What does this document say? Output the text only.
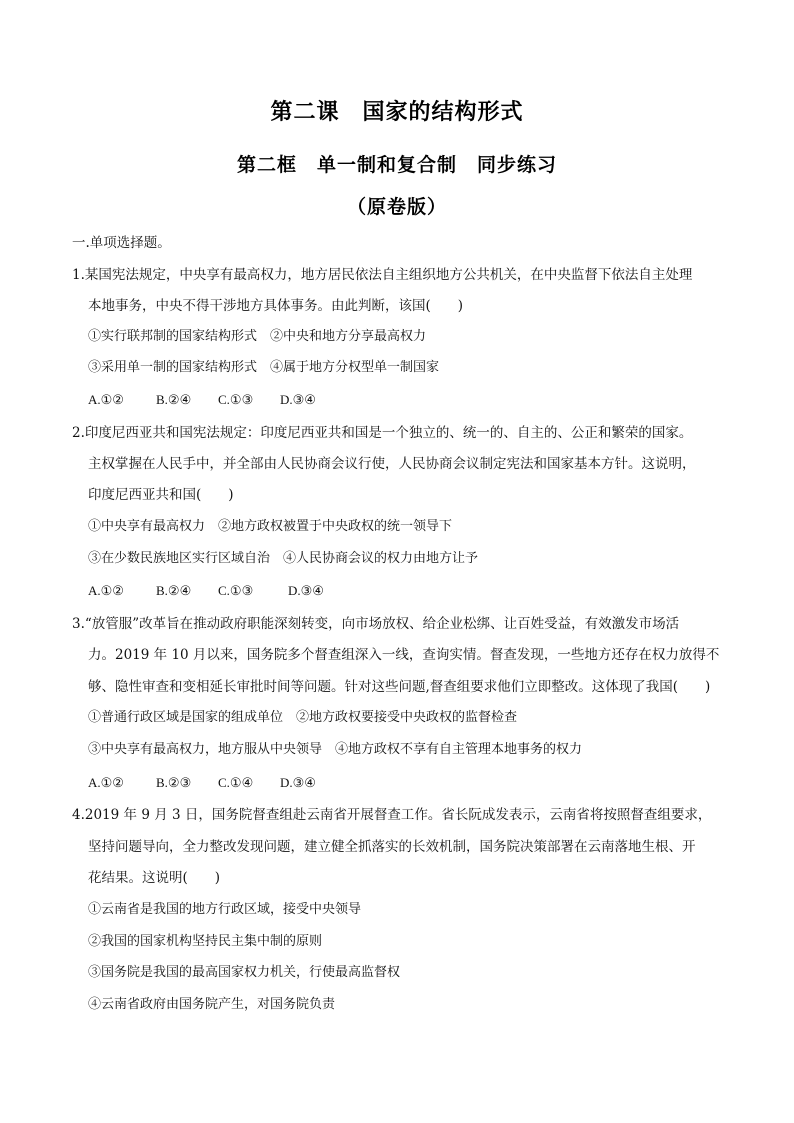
第二课　国家的结构形式
第二框　单一制和复合制　同步练习
（原卷版）
一.单项选择题。
1.某国宪法规定，中央享有最高权力，地方居民依法自主组织地方公共机关，在中央监督下依法自主处理
本地事务，中央不得干涉地方具体事务。由此判断，该国(　　)
①实行联邦制的国家结构形式　②中央和地方分享最高权力
③采用单一制的国家结构形式　④属于地方分权型单一制国家
A.①② B.②④ C.①③ D.③④
2.印度尼西亚共和国宪法规定：印度尼西亚共和国是一个独立的、统一的、自主的、公正和繁荣的国家。
主权掌握在人民手中，并全部由人民协商会议行使，人民协商会议制定宪法和国家基本方针。这说明，
印度尼西亚共和国(　　)
①中央享有最高权力　②地方政权被置于中央政权的统一领导下
③在少数民族地区实行区域自治　④人民协商会议的权力由地方让予
A.①② B.②④ C.①③	D.③④
3.“放管服”改革旨在推动政府职能深刻转变，向市场放权、给企业松绑、让百姓受益，有效激发市场活
力。2019 年 10 月以来，国务院多个督查组深入一线，查询实情。督查发现，一些地方还存在权力放得不
够、隐性审查和变相延长审批时间等问题。针对这些问题,督查组要求他们立即整改。这体现了我国(　　)
①普通行政区域是国家的组成单位　②地方政权要接受中央政权的监督检查
③中央享有最高权力，地方服从中央领导　④地方政权不享有自主管理本地事务的权力
A.①② B.②③ C.①④ D.③④
4.2019 年 9 月 3 日，国务院督查组赴云南省开展督查工作。省长阮成发表示，云南省将按照督查组要求，
坚持问题导向，全力整改发现问题，建立健全抓落实的长效机制，国务院决策部署在云南落地生根、开
花结果。这说明(　　)
①云南省是我国的地方行政区域，接受中央领导
②我国的国家机构坚持民主集中制的原则
③国务院是我国的最高国家权力机关，行使最高监督权
④云南省政府由国务院产生，对国务院负责
